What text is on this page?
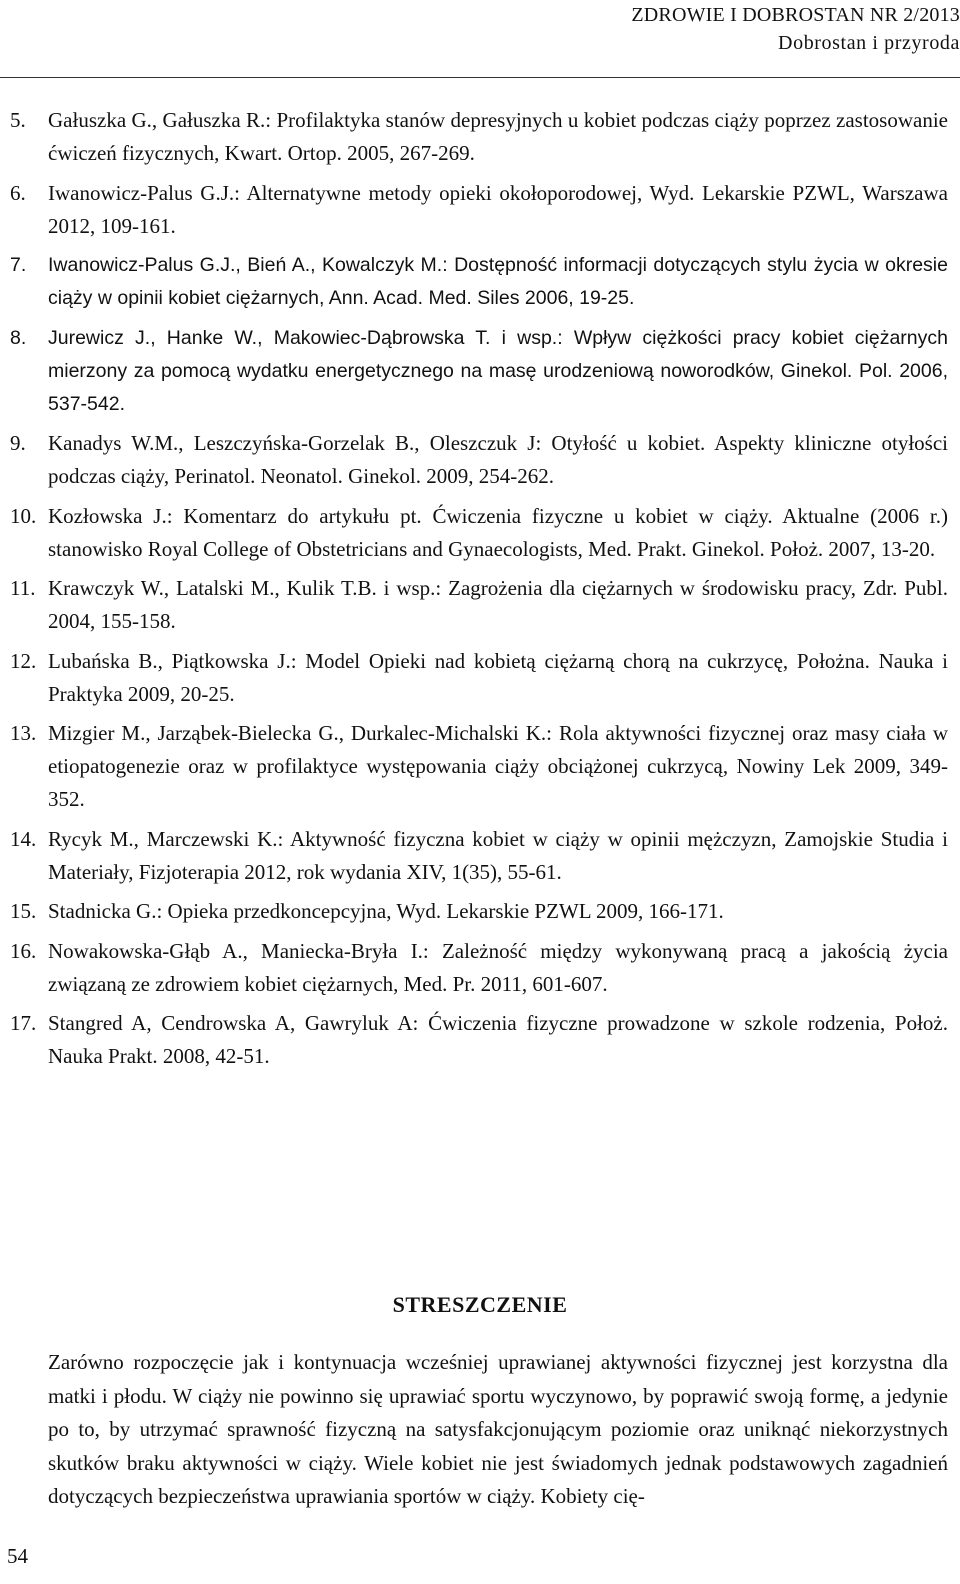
ZDROWIE I DOBROSTAN NR 2/2013
Dobrostan i przyroda
5.	Gałuszka G., Gałuszka R.: Profilaktyka stanów depresyjnych u kobiet podczas ciąży poprzez zastosowanie ćwiczeń fizycznych, Kwart. Ortop. 2005, 267-269.
6.	Iwanowicz-Palus G.J.: Alternatywne metody opieki okołoporodowej, Wyd. Lekarskie PZWL, Warszawa 2012, 109-161.
7.	Iwanowicz-Palus G.J., Bień A., Kowalczyk M.: Dostępność informacji dotyczących stylu życia w okresie ciąży w opinii kobiet ciężarnych, Ann. Acad. Med. Siles 2006, 19-25.
8.	Jurewicz J., Hanke W., Makowiec-Dąbrowska T. i wsp.: Wpływ ciężkości pracy kobiet ciężarnych mierzony za pomocą wydatku energetycznego na masę urodzeniową noworodków, Ginekol. Pol. 2006, 537-542.
9.	Kanadys W.M., Leszczyńska-Gorzelak B., Oleszczuk J: Otyłość u kobiet. Aspekty kliniczne otyłości podczas ciąży, Perinatol. Neonatol. Ginekol. 2009, 254-262.
10. Kozłowska J.: Komentarz do artykułu pt. Ćwiczenia fizyczne u kobiet w ciąży. Aktualne (2006 r.) stanowisko Royal College of Obstetricians and Gynaecologists, Med. Prakt. Ginekol. Położ. 2007, 13-20.
11. Krawczyk W., Latalski M., Kulik T.B. i wsp.: Zagrożenia dla ciężarnych w środowisku pracy, Zdr. Publ. 2004, 155-158.
12. Lubańska B., Piątkowska J.: Model Opieki nad kobietą ciężarną chorą na cukrzycę, Położna. Nauka i Praktyka 2009, 20-25.
13. Mizgier M., Jarząbek-Bielecka G., Durkalec-Michalski K.: Rola aktywności fizycznej oraz masy ciała w etiopatogenezie oraz w profilaktyce występowania ciąży obciążonej cukrzycą, Nowiny Lek 2009, 349-352.
14. Rycyk M., Marczewski K.: Aktywność fizyczna kobiet w ciąży w opinii mężczyzn, Zamojskie Studia i Materiały, Fizjoterapia 2012, rok wydania XIV, 1(35), 55-61.
15. Stadnicka G.: Opieka przedkoncepcyjna, Wyd. Lekarskie PZWL 2009, 166-171.
16. Nowakowska-Głąb A., Maniecka-Bryła I.: Zależność między wykonywaną pracą a jakością życia związaną ze zdrowiem kobiet ciężarnych, Med. Pr. 2011, 601-607.
17. Stangred A, Cendrowska A, Gawryluk A: Ćwiczenia fizyczne prowadzone w szkole rodzenia, Położ. Nauka Prakt. 2008, 42-51.
STRESZCZENIE

Zarówno rozpoczęcie jak i kontynuacja wcześniej uprawianej aktywności fizycznej jest korzystna dla matki i płodu. W ciąży nie powinno się uprawiać sportu wyczynowo, by poprawić swoją formę, a jedynie po to, by utrzymać sprawność fizyczną na satysfakcjonującym poziomie oraz uniknąć niekorzystnych skutków braku aktywności w ciąży. Wiele kobiet nie jest świadomych jednak podstawowych zagadnień dotyczących bezpieczeństwa uprawiania sportów w ciąży. Kobiety cię-

54
